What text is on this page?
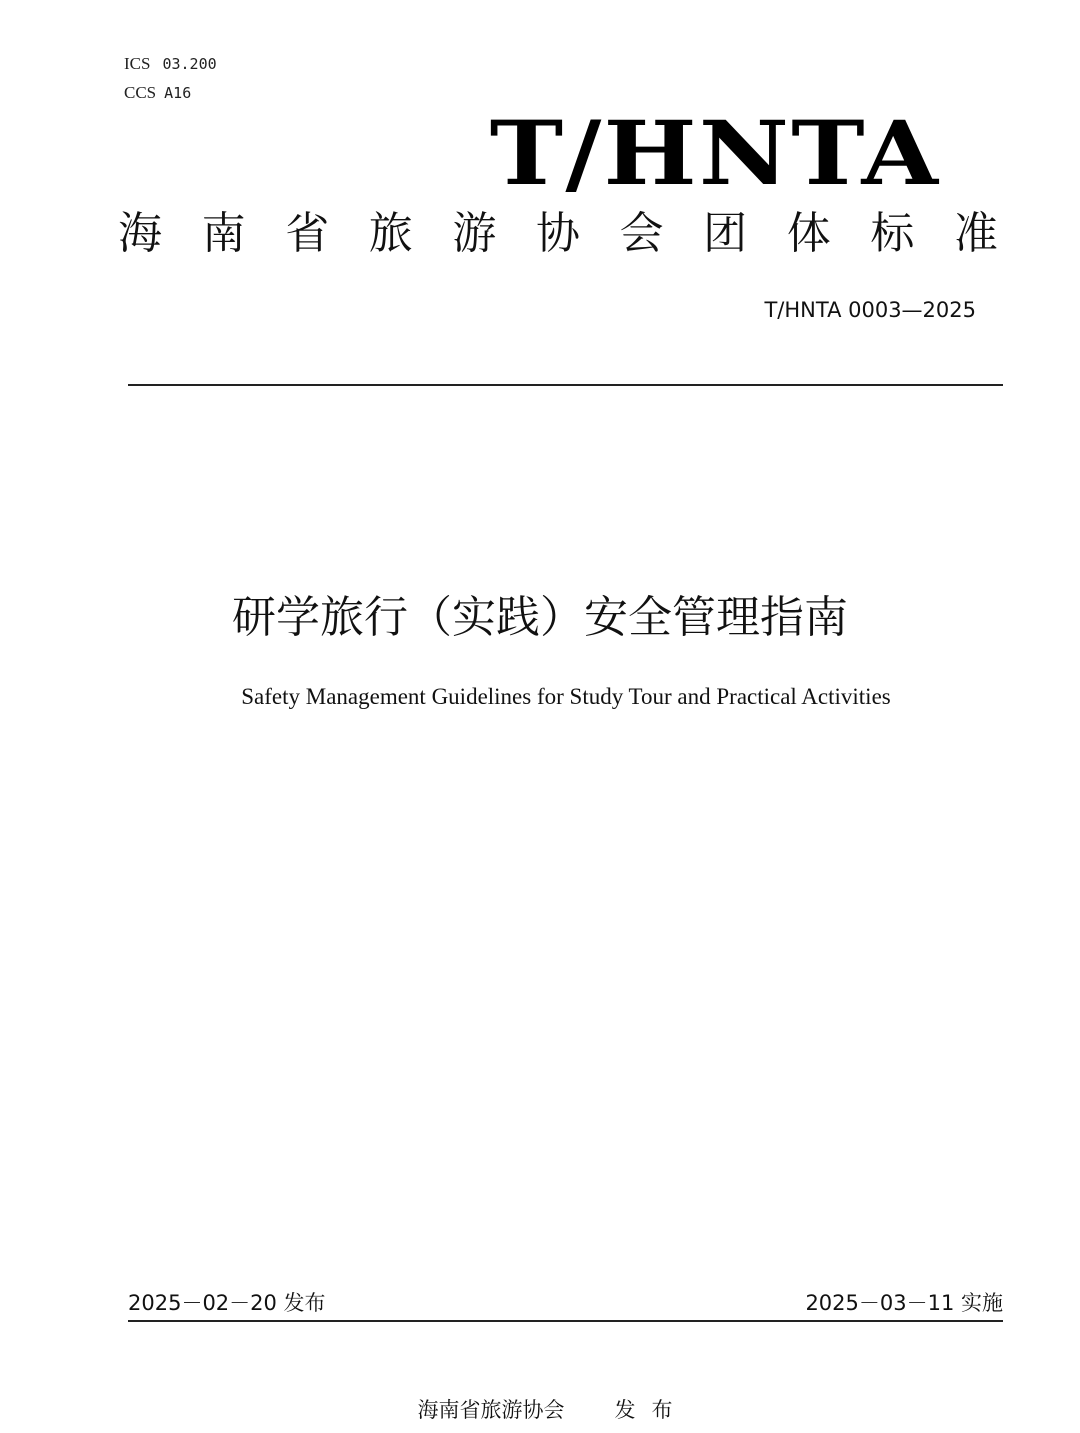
ICS 03.200
CCS A16
T/HNTA
海 南 省 旅 游 协 会 团 体 标 准
T/HNTA 0003—2025
研学旅行（实践）安全管理指南
Safety Management Guidelines for Study Tour and Practical Activities
2025－02－20 发布	2025－03－11 实施
海南省旅游协会 发布
